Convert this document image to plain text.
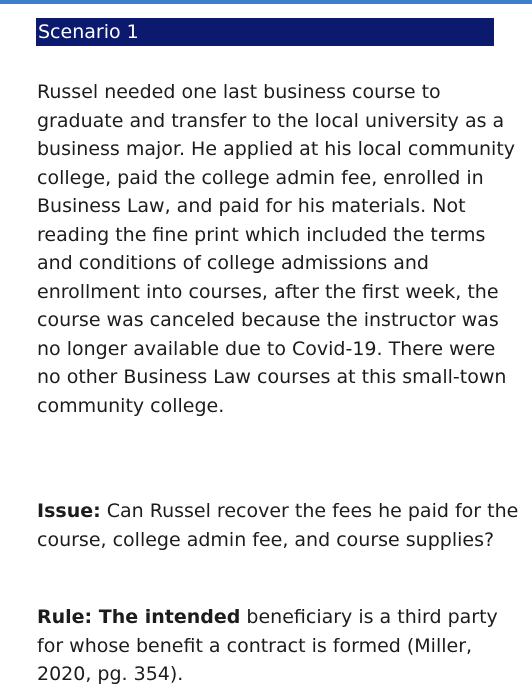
Scenario 1

Russel needed one last business course to graduate and transfer to the local university as a business major. He applied at his local community college, paid the college admin fee, enrolled in Business Law, and paid for his materials. Not reading the fine print which included the terms and conditions of college admissions and enrollment into courses, after the first week, the course was canceled because the instructor was no longer available due to Covid-19. There were no other Business Law courses at this small-town community college.

Issue: Can Russel recover the fees he paid for the course, college admin fee, and course supplies?

Rule: The intended beneficiary is a third party for whose benefit a contract is formed (Miller, 2020, pg. 354).
